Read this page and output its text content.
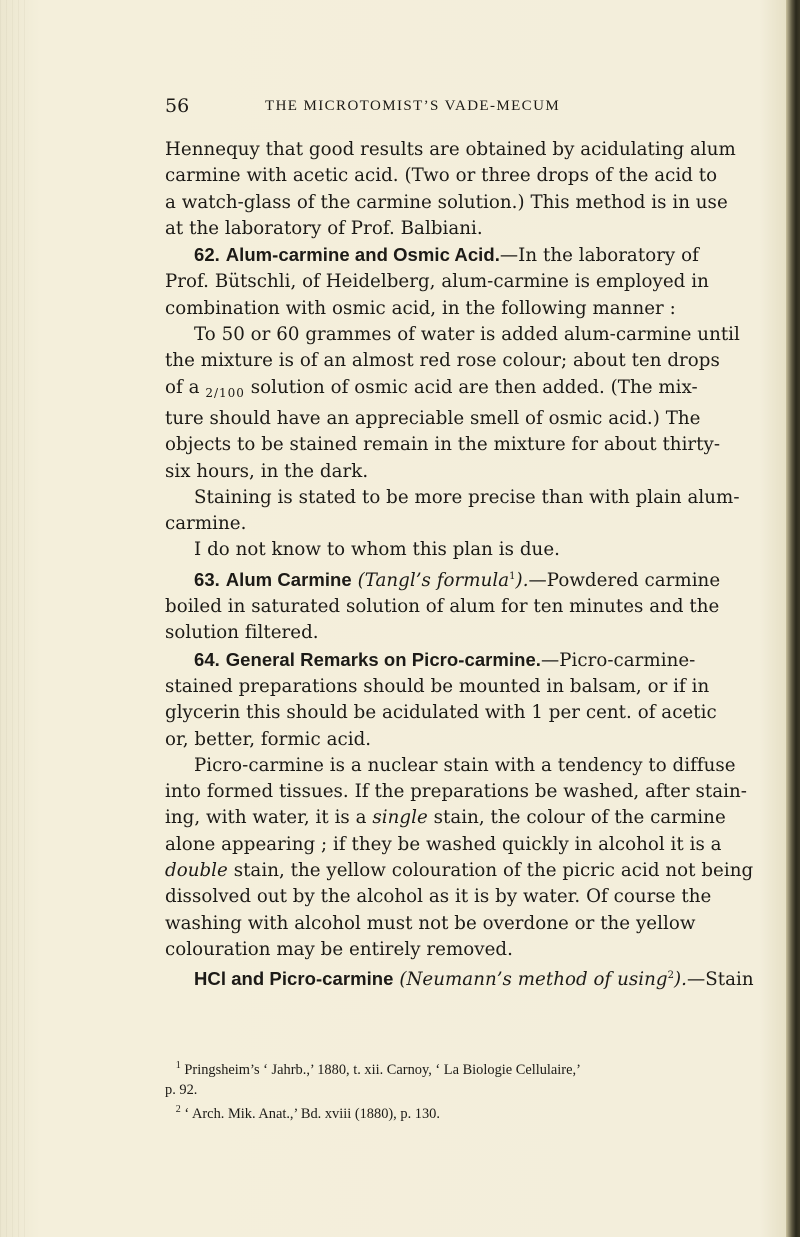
56	THE MICROTOMIST’S VADE-MECUM

Hennequy that good results are obtained by acidulating alum
carmine with acetic acid. (Two or three drops of the acid to
a watch-glass of the carmine solution.) This method is in use
at the laboratory of Prof. Balbiani.

62. Alum-carmine and Osmic Acid.—In the laboratory of
Prof. Bütschli, of Heidelberg, alum-carmine is employed in
combination with osmic acid, in the following manner :
To 50 or 60 grammes of water is added alum-carmine until
the mixture is of an almost red rose colour; about ten drops
of a 2/100 solution of osmic acid are then added. (The mix-
ture should have an appreciable smell of osmic acid.) The
objects to be stained remain in the mixture for about thirty-
six hours, in the dark.
Staining is stated to be more precise than with plain alum-
carmine.
I do not know to whom this plan is due.

63. Alum Carmine (Tangl’s formula$^1$).—Powdered carmine
boiled in saturated solution of alum for ten minutes and the
solution filtered.

64. General Remarks on Picro-carmine.—Picro-carmine-
stained preparations should be mounted in balsam, or if in
glycerin this should be acidulated with 1 per cent. of acetic
or, better, formic acid.
Picro-carmine is a nuclear stain with a tendency to diffuse
into formed tissues. If the preparations be washed, after stain-
ing, with water, it is a single stain, the colour of the carmine
alone appearing ; if they be washed quickly in alcohol it is a
double stain, the yellow colouration of the picric acid not being
dissolved out by the alcohol as it is by water. Of course the
washing with alcohol must not be overdone or the yellow
colouration may be entirely removed.

HCl and Picro-carmine (Neumann’s method of using$^2$).—Stain

$^1$ Pringsheim’s ‘ Jahrb.,’ 1880, t. xii. Carnoy, ‘ La Biologie Cellulaire,’
p. 92.
$^2$ ‘ Arch. Mik. Anat.,’ Bd. xviii (1880), p. 130.
